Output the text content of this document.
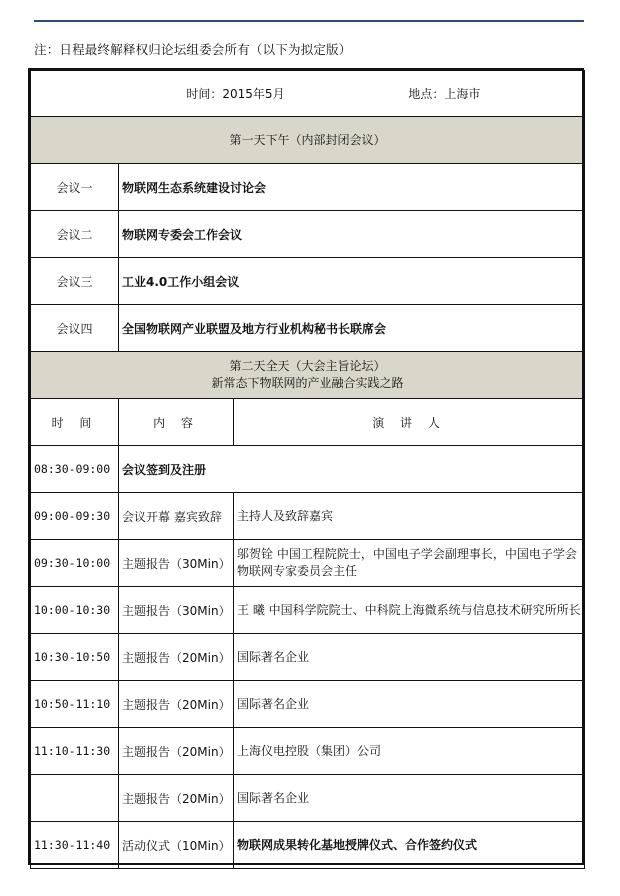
注：日程最终解释权归论坛组委会所有（以下为拟定版）
时间：2015年5月 地点：上海市		
第一天下午（内部封闭会议）		
会议一	物联网生态系统建设讨论会	
会议二	物联网专委会工作会议	
会议三	工业4.0工作小组会议	
会议四	全国物联网产业联盟及地方行业机构秘书长联席会	

第二天全天（大会主旨论坛）
新常态下物联网的产业融合实践之路		

时 间	内 容	演 讲 人
08:30-09:00	会议签到及注册	
09:00-09:30	会议开幕 嘉宾致辞	主持人及致辞嘉宾
09:30-10:00	主题报告（30Min）	邬贺铨 中国工程院院士，中国电子学会副理事长，中国电子学会物联网专家委员会主任
10:00-10:30	主题报告（30Min）	王 曦 中国科学院院士、中科院上海微系统与信息技术研究所所长
10:30-10:50	主题报告（20Min）	国际著名企业
10:50-11:10	主题报告（20Min）	国际著名企业
11:10-11:30	主题报告（20Min）	上海仪电控股（集团）公司
	主题报告（20Min）	国际著名企业
11:30-11:40	活动仪式（10Min）	物联网成果转化基地授牌仪式、合作签约仪式
